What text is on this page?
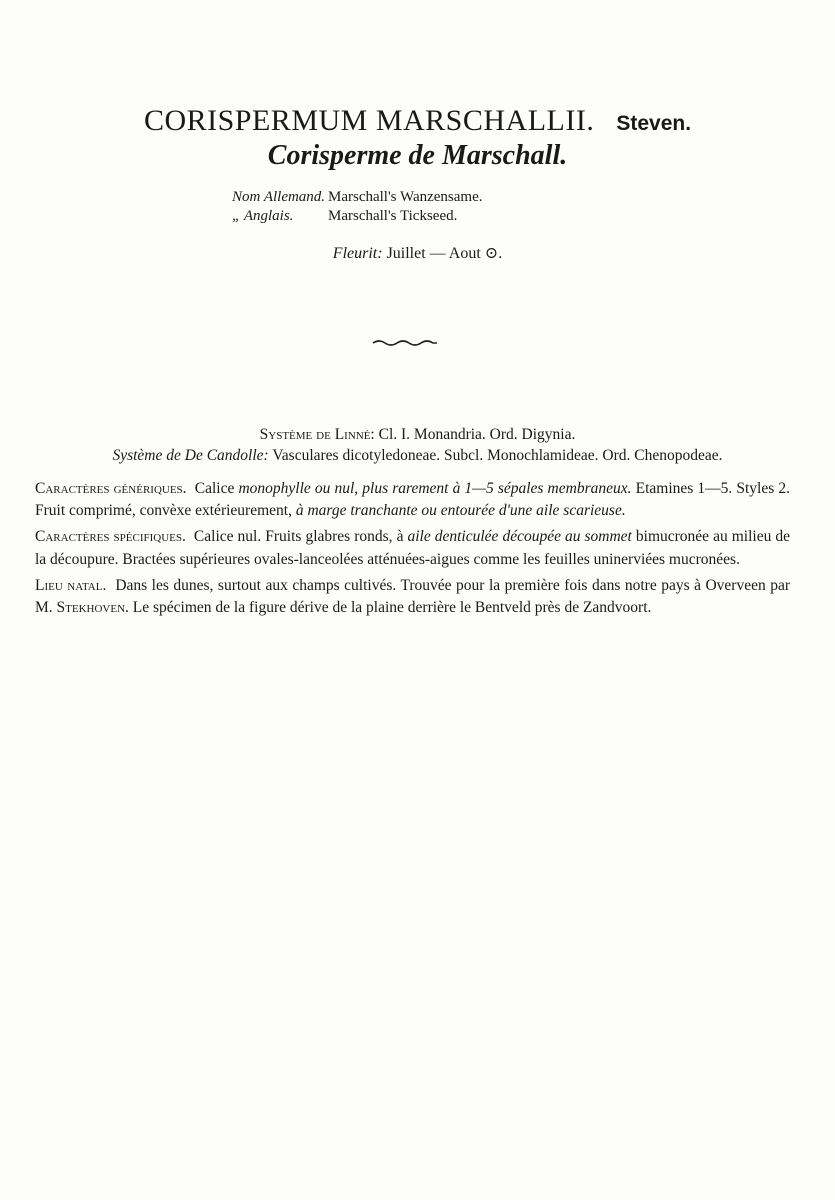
CORISPERMUM MARSCHALLII. Steven.
Corisperme de Marschall.
Nom Allemand. Marschall's Wanzensame.
„ Anglais. Marschall's Tickseed.
Fleurit: Juillet — Aout ⊙.
Système de Linné: Cl. I. Monandria. Ord. Digynia.
Système de De Candolle: Vasculares dicotyledoneae. Subcl. Monochlamideae. Ord. Chenopodeae.

Caractères génériques. Calice monophylle ou nul, plus rarement à 1—5 sépales membraneux. Etamines 1—5. Styles 2. Fruit comprimé, convèxe extérieurement, à marge tranchante ou entourée d'une aile scarieuse.

Caractères spécifiques. Calice nul. Fruits glabres ronds, à aile denticulée découpée au sommet bimucronée au milieu de la découpure. Bractées supérieures ovales-lanceolées atténuées-aigues comme les feuilles uninerviées mucronées.

Lieu natal. Dans les dunes, surtout aux champs cultivés. Trouvée pour la première fois dans notre pays à Overveen par M. Stekhoven. Le spécimen de la figure dérive de la plaine derrière le Bentveld près de Zandvoort.
